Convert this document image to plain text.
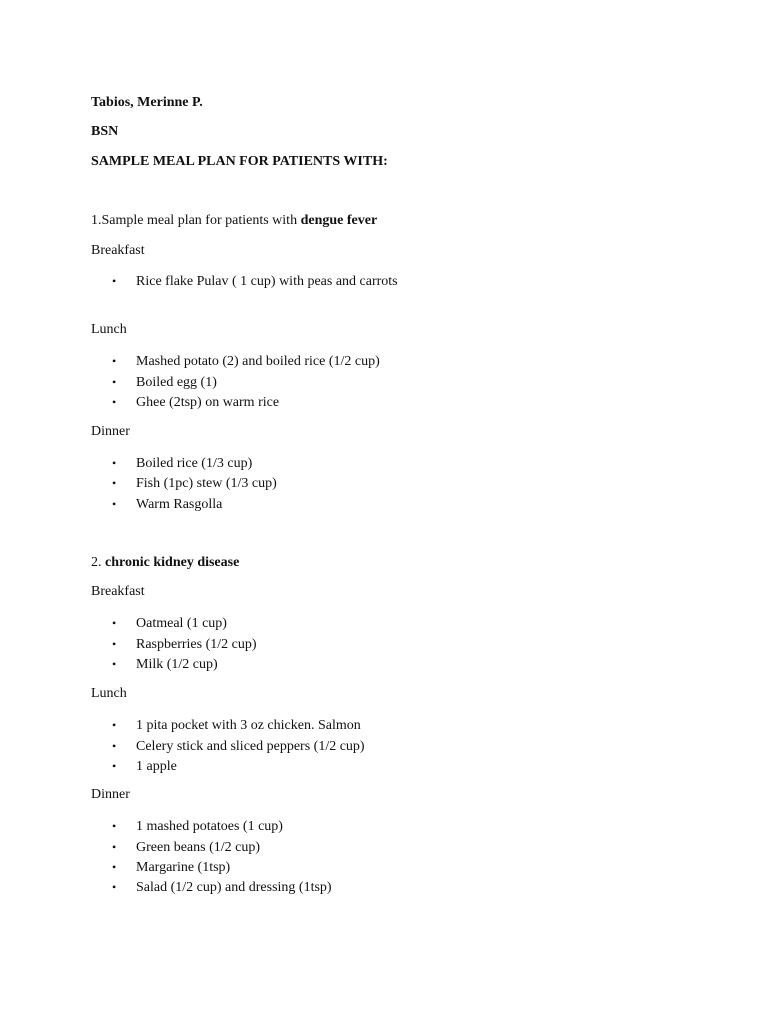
Tabios, Merinne P.
BSN
SAMPLE MEAL PLAN FOR PATIENTS WITH:
1.Sample meal plan for patients with dengue fever
Breakfast
• Rice flake Pulav ( 1 cup) with peas and carrots
Lunch
• Mashed potato (2) and boiled rice (1/2 cup)
• Boiled egg (1)
• Ghee (2tsp) on warm rice
Dinner
• Boiled rice (1/3 cup)
• Fish (1pc) stew (1/3 cup)
• Warm Rasgolla
2. chronic kidney disease
Breakfast
• Oatmeal (1 cup)
• Raspberries (1/2 cup)
• Milk (1/2 cup)
Lunch
• 1 pita pocket with 3 oz chicken. Salmon
• Celery stick and sliced peppers (1/2 cup)
• 1 apple
Dinner
• 1 mashed potatoes (1 cup)
• Green beans (1/2 cup)
• Margarine (1tsp)
• Salad (1/2 cup) and dressing (1tsp)
